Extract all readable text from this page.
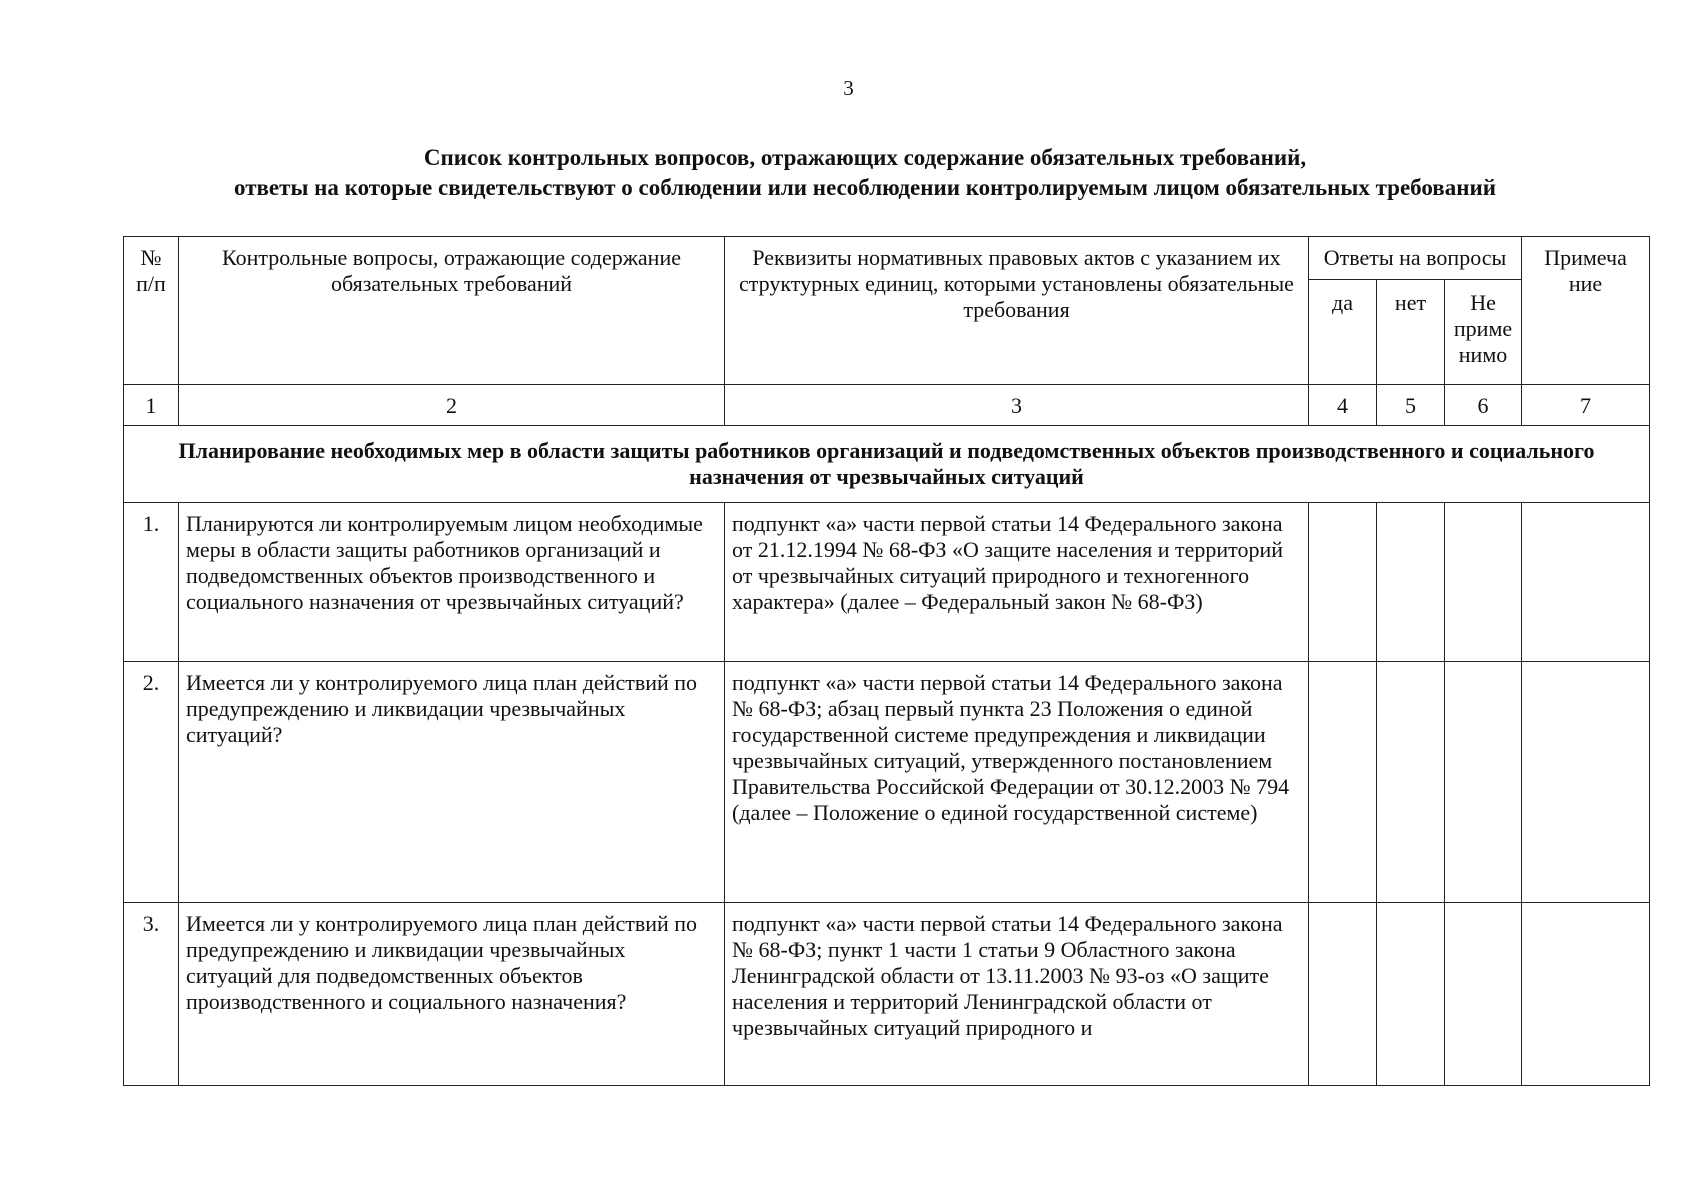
3
Список контрольных вопросов, отражающих содержание обязательных требований,
ответы на которые свидетельствуют о соблюдении или несоблюдении контролируемым лицом обязательных требований
№ п/п	Контрольные вопросы, отражающие содержание обязательных требований	Реквизиты нормативных правовых актов с указанием их структурных единиц, которыми установлены обязательные требования	Ответы на вопросы			Примеча ние
			да	нет	Не приме нимо	
1	2	3	4	5	6	7
Планирование необходимых мер в области защиты работников организаций и подведомственных объектов производственного и социального назначения от чрезвычайных ситуаций						
1.	Планируются ли контролируемым лицом необходимые меры в области защиты работников организаций и подведомственных объектов производственного и социального назначения от чрезвычайных ситуаций?	подпункт «а» части первой статьи 14 Федерального закона от 21.12.1994 № 68-ФЗ «О защите населения и территорий от чрезвычайных ситуаций природного и техногенного характера» (далее – Федеральный закон № 68-ФЗ)				
2.	Имеется ли у контролируемого лица план действий по предупреждению и ликвидации чрезвычайных ситуаций?	подпункт «а» части первой статьи 14 Федерального закона № 68-ФЗ; абзац первый пункта 23 Положения о единой государственной системе предупреждения и ликвидации чрезвычайных ситуаций, утвержденного постановлением Правительства Российской Федерации от 30.12.2003 № 794 (далее – Положение о единой государственной системе)				
3.	Имеется ли у контролируемого лица план действий по предупреждению и ликвидации чрезвычайных ситуаций для подведомственных объектов производственного и социального назначения?	подпункт «а» части первой статьи 14 Федерального закона № 68-ФЗ; пункт 1 части 1 статьи 9 Областного закона Ленинградской области от 13.11.2003 № 93-оз «О защите населения и территорий Ленинградской области от чрезвычайных ситуаций природного и				
